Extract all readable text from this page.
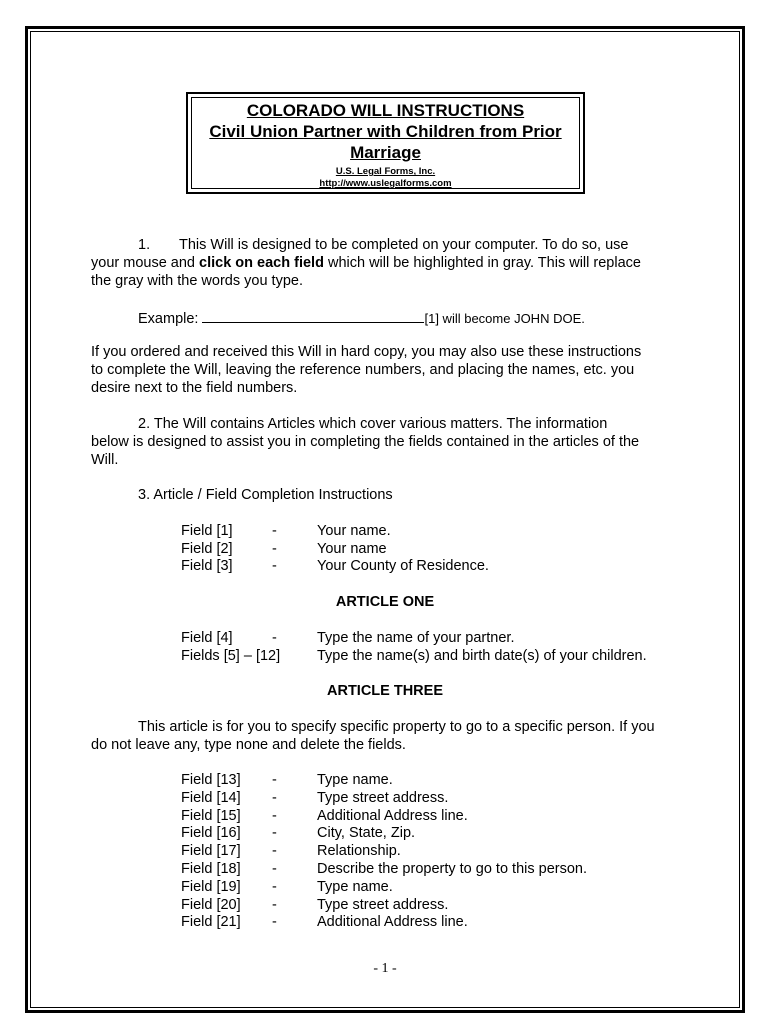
COLORADO WILL INSTRUCTIONS
Civil Union Partner with Children from Prior
Marriage
U.S. Legal Forms, Inc.
http://www.uslegalforms.com
1. This Will is designed to be completed on your computer. To do so, use
your mouse and click on each field which will be highlighted in gray. This will replace
the gray with the words you type.
Example:	[1] will become JOHN DOE.
If you ordered and received this Will in hard copy, you may also use these instructions
to complete the Will, leaving the reference numbers, and placing the names, etc. you
desire next to the field numbers.
2. The Will contains Articles which cover various matters. The information
below is designed to assist you in completing the fields contained in the articles of the
Will.
3. Article / Field Completion Instructions
Field [1]	-	Your name.
Field [2]	-	Your name
Field [3]	-	Your County of Residence.
ARTICLE ONE
Field [4]	-	Type the name of your partner.
Fields [5] – [12]	Type the name(s) and birth date(s) of your children.
ARTICLE THREE
This article is for you to specify specific property to go to a specific person. If you
do not leave any, type none and delete the fields.
Field [13] -	Type name.
Field [14] -	Type street address.
Field [15] -	Additional Address line.
Field [16] -	City, State, Zip.
Field [17] -	Relationship.
Field [18] -	Describe the property to go to this person.
Field [19] -	Type name.
Field [20] -	Type street address.
Field [21] -	Additional Address line.
- 1 -
